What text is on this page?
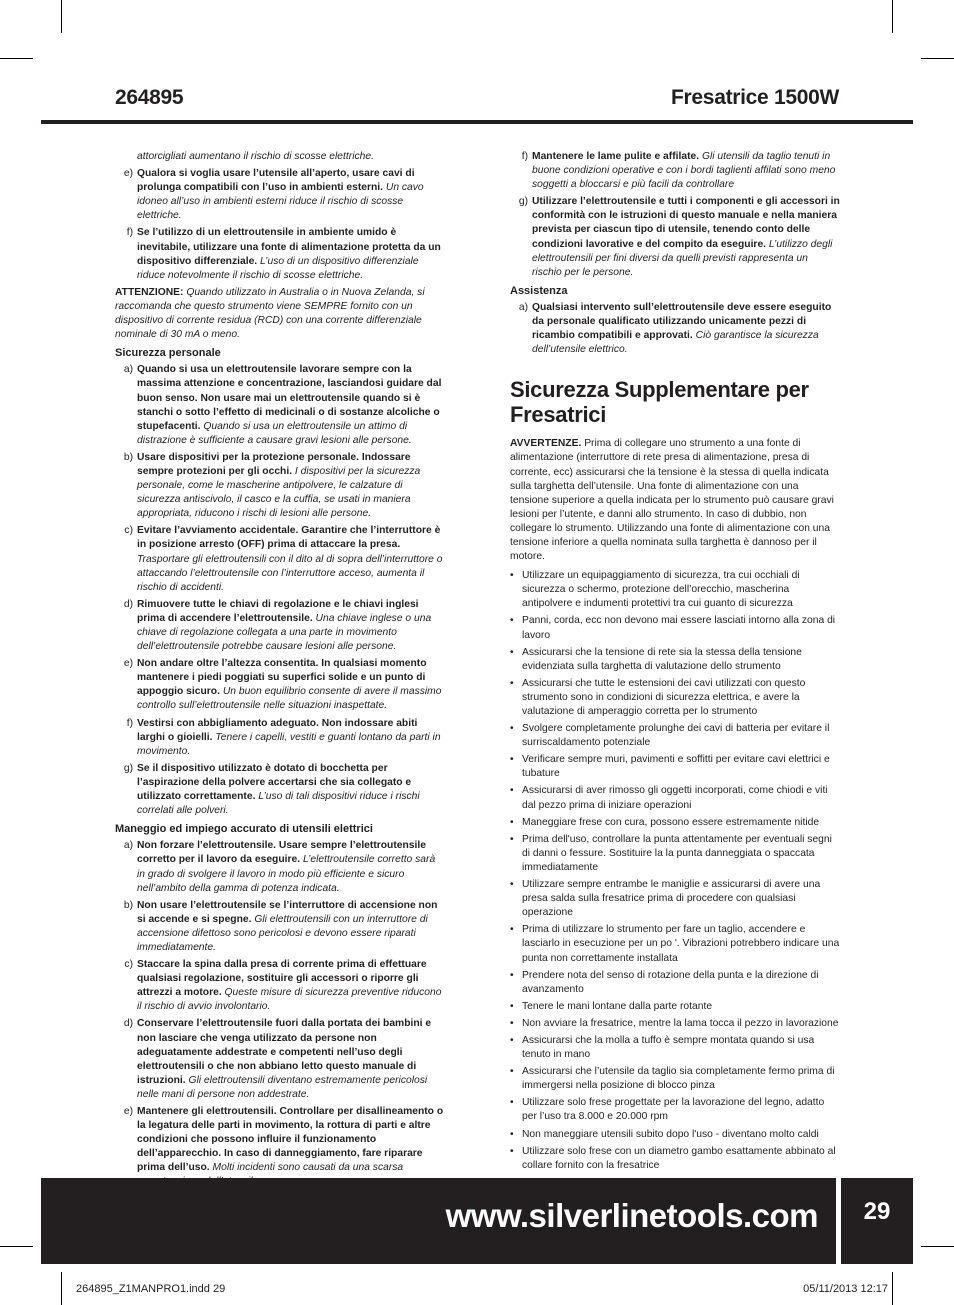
264895	Fresatrice 1500W
attorcigliati aumentano il rischio di scosse elettriche.
e) Qualora si voglia usare l’utensile all’aperto, usare cavi di prolunga compatibili con l’uso in ambienti esterni. Un cavo idoneo all’uso in ambienti esterni riduce il rischio di scosse elettriche.
f) Se l’utilizzo di un elettroutensile in ambiente umido è inevitabile, utilizzare una fonte di alimentazione protetta da un dispositivo differenziale. L’uso di un dispositivo differenziale riduce notevolmente il rischio di scosse elettriche.

ATTENZIONE: Quando utilizzato in Australia o in Nuova Zelanda, si raccomanda che questo strumento viene SEMPRE fornito con un dispositivo di corrente residua (RCD) con una corrente differenziale nominale di 30 mA o meno.

Sicurezza personale
a) Quando si usa un elettroutensile lavorare sempre con la massima attenzione e concentrazione, lasciandosi guidare dal buon senso. Non usare mai un elettroutensile quando si è stanchi o sotto l’effetto di medicinali o di sostanze alcoliche o stupefacenti. Quando si usa un elettroutensile un attimo di distrazione è sufficiente a causare gravi lesioni alle persone.
b) Usare dispositivi per la protezione personale. Indossare sempre protezioni per gli occhi. I dispositivi per la sicurezza personale, come le mascherine antipolvere, le calzature di sicurezza antiscivolo, il casco e la cuffia, se usati in maniera appropriata, riducono i rischi di lesioni alle persone.
c) Evitare l’avviamento accidentale. Garantire che l’interruttore è in posizione arresto (OFF) prima di attaccare la presa. Trasportare gli elettroutensili con il dito al di sopra dell’interruttore o attaccando l’elettroutensile con l’interruttore acceso, aumenta il rischio di accidenti.
d) Rimuovere tutte le chiavi di regolazione e le chiavi inglesi prima di accendere l’elettroutensile. Una chiave inglese o una chiave di regolazione collegata a una parte in movimento dell’elettroutensile potrebbe causare lesioni alle persone.
e) Non andare oltre l’altezza consentita. In qualsiasi momento mantenere i piedi poggiati su superfici solide e un punto di appoggio sicuro. Un buon equilibrio consente di avere il massimo controllo sull’elettroutensile nelle situazioni inaspettate.
f) Vestirsi con abbigliamento adeguato. Non indossare abiti larghi o gioielli. Tenere i capelli, vestiti e guanti lontano da parti in movimento.
g) Se il dispositivo utilizzato è dotato di bocchetta per l’aspirazione della polvere accertarsi che sia collegato e utilizzato correttamente. L’uso di tali dispositivi riduce i rischi correlati alle polveri.
Maneggio ed impiego accurato di utensili elettrici
a) Non forzare l’elettroutensile. Usare sempre l’elettroutensile corretto per il lavoro da eseguire. L’elettroutensile corretto sarà in grado di svolgere il lavoro in modo più efficiente e sicuro nell’ambito della gamma di potenza indicata.
b) Non usare l’elettroutensile se l’interruttore di accensione non si accende e si spegne. Gli elettroutensili con un interruttore di accensione difettoso sono pericolosi e devono essere riparati immediatamente.
c) Staccare la spina dalla presa di corrente prima di effettuare qualsiasi regolazione, sostituire gli accessori o riporre gli attrezzi a motore. Queste misure di sicurezza preventive riducono il rischio di avvio involontario.
d) Conservare l’elettroutensile fuori dalla portata dei bambini e non lasciare che venga utilizzato da persone non adeguatamente addestrate e competenti nell’uso degli elettroutensili o che non abbiano letto questo manuale di istruzioni. Gli elettroutensili diventano estremamente pericolosi nelle mani di persone non addestrate.
e) Mantenere gli elettroutensili. Controllare per disallineamento o la legatura delle parti in movimento, la rottura di parti e altre condizioni che possono influire il funzionamento dell’apparecchio. In caso di danneggiamento, fare riparare prima dell’uso. Molti incidenti sono causati da una scarsa
f) Mantenere le lame pulite e affilate. Gli utensili da taglio tenuti in buone condizioni operative e con i bordi taglienti affilati sono meno soggetti a bloccarsi e più facili da controllare
g) Utilizzare l’elettroutensile e tutti i componenti e gli accessori in conformità con le istruzioni di questo manuale e nella maniera prevista per ciascun tipo di utensile, tenendo conto delle condizioni lavorative e del compito da eseguire. L’utilizzo degli elettroutensili per fini diversi da quelli previsti rappresenta un rischio per le persone.
Assistenza
a) Qualsiasi intervento sull’elettroutensile deve essere eseguito da personale qualificato utilizzando unicamente pezzi di ricambio compatibili e approvati. Ciò garantisce la sicurezza dell’utensile elettrico.
Sicurezza Supplementare per Fresatrici

AVVERTENZE. Prima di collegare uno strumento a una fonte di alimentazione (interruttore di rete presa di alimentazione, presa di corrente, ecc) assicurarsi che la tensione è la stessa di quella indicata sulla targhetta dell’utensile. Una fonte di alimentazione con una tensione superiore a quella indicata per lo strumento può causare gravi lesioni per l’utente, e danni allo strumento. In caso di dubbio, non collegare lo strumento. Utilizzando una fonte di alimentazione con una tensione inferiore a quella nominata sulla targhetta è dannoso per il motore.

• Utilizzare un equipaggiamento di sicurezza, tra cui occhiali di sicurezza o schermo, protezione dell’orecchio, mascherina antipolvere e indumenti protettivi tra cui guanto di sicurezza
• Panni, corda, ecc non devono mai essere lasciati intorno alla zona di lavoro
• Assicurarsi che la tensione di rete sia la stessa della tensione evidenziata sulla targhetta di valutazione dello strumento
• Assicurarsi che tutte le estensioni dei cavi utilizzati con questo strumento sono in condizioni di sicurezza elettrica, e avere la valutazione di amperaggio corretta per lo strumento
• Svolgere completamente prolunghe dei cavi di batteria per evitare il surriscaldamento potenziale
• Verificare sempre muri, pavimenti e soffitti per evitare cavi elettrici e tubature
• Assicurarsi di aver rimosso gli oggetti incorporati, come chiodi e viti dal pezzo prima di iniziare operazioni
• Maneggiare frese con cura, possono essere estremamente nitide
• Prima dell'uso, controllare la punta attentamente per eventuali segni di danni o fessure. Sostituire la la punta danneggiata o spaccata immediatamente
• Utilizzare sempre entrambe le maniglie e assicurarsi di avere una presa salda sulla fresatrice prima di procedere con qualsiasi operazione
• Prima di utilizzare lo strumento per fare un taglio, accendere e lasciarlo in esecuzione per un po '. Vibrazioni potrebbero indicare una punta non correttamente installata
• Prendere nota del senso di rotazione della punta e la direzione di avanzamento
• Tenere le mani lontane dalla parte rotante
• Non avviare la fresatrice, mentre la lama tocca il pezzo in lavorazione
• Assicurarsi che la molla a tuffo è sempre montata quando si usa tenuto in mano
• Assicurarsi che l’utensile da taglio sia completamente fermo prima di immergersi nella posizione di blocco pinza
• Utilizzare solo frese progettate per la lavorazione del legno, adatto per l’uso tra 8.000 e 20.000 rpm
• Non maneggiare utensili subito dopo l'uso - diventano molto caldi
• Utilizzare solo frese con un diametro gambo esattamente abbinato al collare fornito con la fresatrice
www.silverlinetools.com	29
264895_Z1MANPRO1.indd 29	05/11/2013 12:17
